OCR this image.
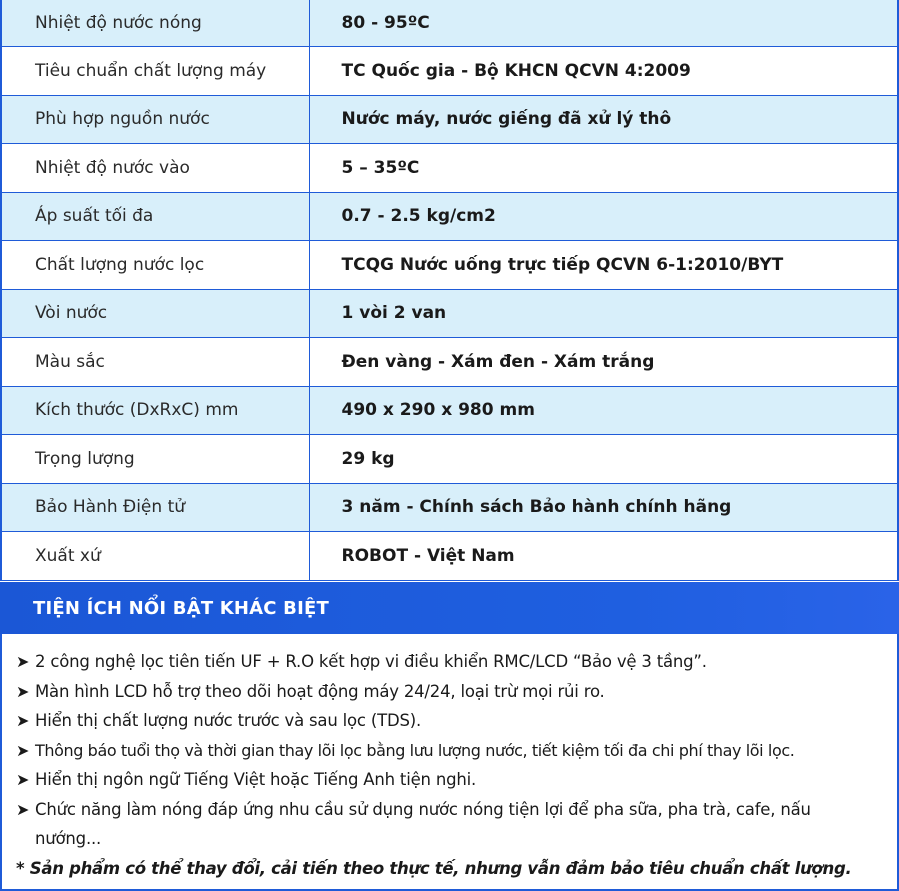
Nhiệt độ nước nóng	80 - 95ºC
Tiêu chuẩn chất lượng máy	TC Quốc gia - Bộ KHCN QCVN 4:2009
Phù hợp nguồn nước	Nước máy, nước giếng đã xử lý thô
Nhiệt độ nước vào	5 – 35ºC
Áp suất tối đa	0.7 - 2.5 kg/cm2
Chất lượng nước lọc	TCQG Nước uống trực tiếp QCVN 6-1:2010/BYT
Vòi nước	1 vòi 2 van
Màu sắc	Đen vàng - Xám đen - Xám trắng
Kích thước (DxRxC) mm	490 x 290 x 980 mm
Trọng lượng	29 kg
Bảo Hành Điện tử	3 năm - Chính sách Bảo hành chính hãng
Xuất xứ	ROBOT - Việt Nam
TIỆN ÍCH NỔI BẬT KHÁC BIỆT
➤ 2 công nghệ lọc tiên tiến UF + R.O kết hợp vi điều khiển RMC/LCD “Bảo vệ 3 tầng”.
➤ Màn hình LCD hỗ trợ theo dõi hoạt động máy 24/24, loại trừ mọi rủi ro.
➤ Hiển thị chất lượng nước trước và sau lọc (TDS).
➤ Thông báo tuổi thọ và thời gian thay lõi lọc bằng lưu lượng nước, tiết kiệm tối đa chi phí thay lõi lọc.
➤ Hiển thị ngôn ngữ Tiếng Việt hoặc Tiếng Anh tiện nghi.
➤ Chức năng làm nóng đáp ứng nhu cầu sử dụng nước nóng tiện lợi để pha sữa, pha trà, cafe, nấu nướng...
* Sản phẩm có thể thay đổi, cải tiến theo thực tế, nhưng vẫn đảm bảo tiêu chuẩn chất lượng.
